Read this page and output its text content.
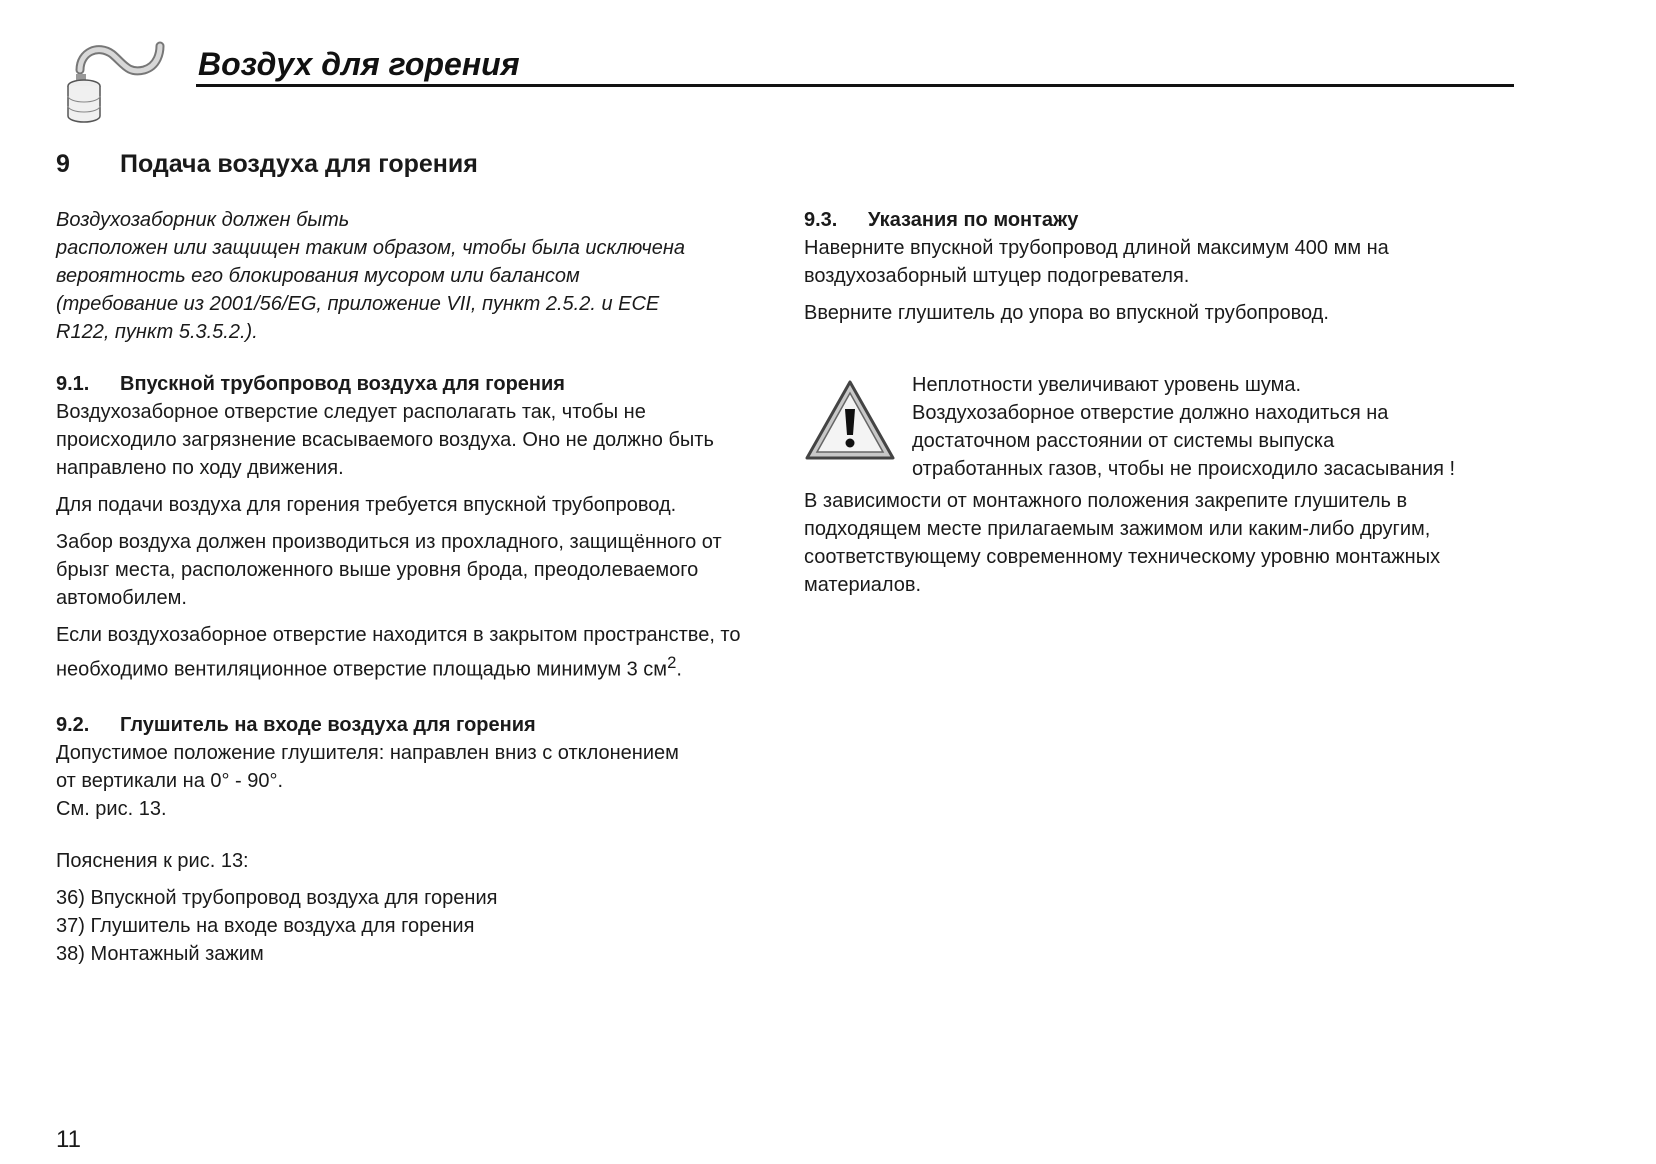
Воздух для горения
9 Подача воздуха для горения
Воздухозаборник должен быть
расположен или защищен таким образом, чтобы была исключена
вероятность его блокирования мусором или балансом
(требование из 2001/56/EG, приложение VII, пункт 2.5.2. и ECE
R122, пункт 5.3.5.2.).
9.1. Впускной трубопровод воздуха для горения

Воздухозаборное отверстие следует располагать так, чтобы не происходило загрязнение всасываемого воздуха. Оно не должно быть направлено по ходу движения.

Для подачи воздуха для горения требуется впускной трубопровод.

Забор воздуха должен производиться из прохладного, защищённого от брызг места, расположенного выше уровня брода, преодолеваемого автомобилем.

Если воздухозаборное отверстие находится в закрытом пространстве, то необходимо вентиляционное отверстие площадью минимум 3 $см^2$.

9.2. Глушитель на входе воздуха для горения
Допустимое положение глушителя: направлен вниз с отклонением
от вертикали на 0° - 90°.
См. рис. 13.

Пояснения к рис. 13:

36) Впускной трубопровод воздуха для горения

37) Глушитель на входе воздуха для горения

38) Монтажный зажим

9.3. Указания по монтажу

Наверните впускной трубопровод длиной максимум 400 мм на воздухозаборный штуцер подогревателя.

Вверните глушитель до упора во впускной трубопровод.

Неплотности увеличивают уровень шума.

Воздухозаборное отверстие должно находиться на

достаточном расстоянии от системы выпуска

отработанных газов, чтобы не происходило засасывания !

В зависимости от монтажного положения закрепите глушитель в подходящем месте прилагаемым зажимом или каким-либо другим, соответствующему современному техническому уровню монтажных материалов.

11
